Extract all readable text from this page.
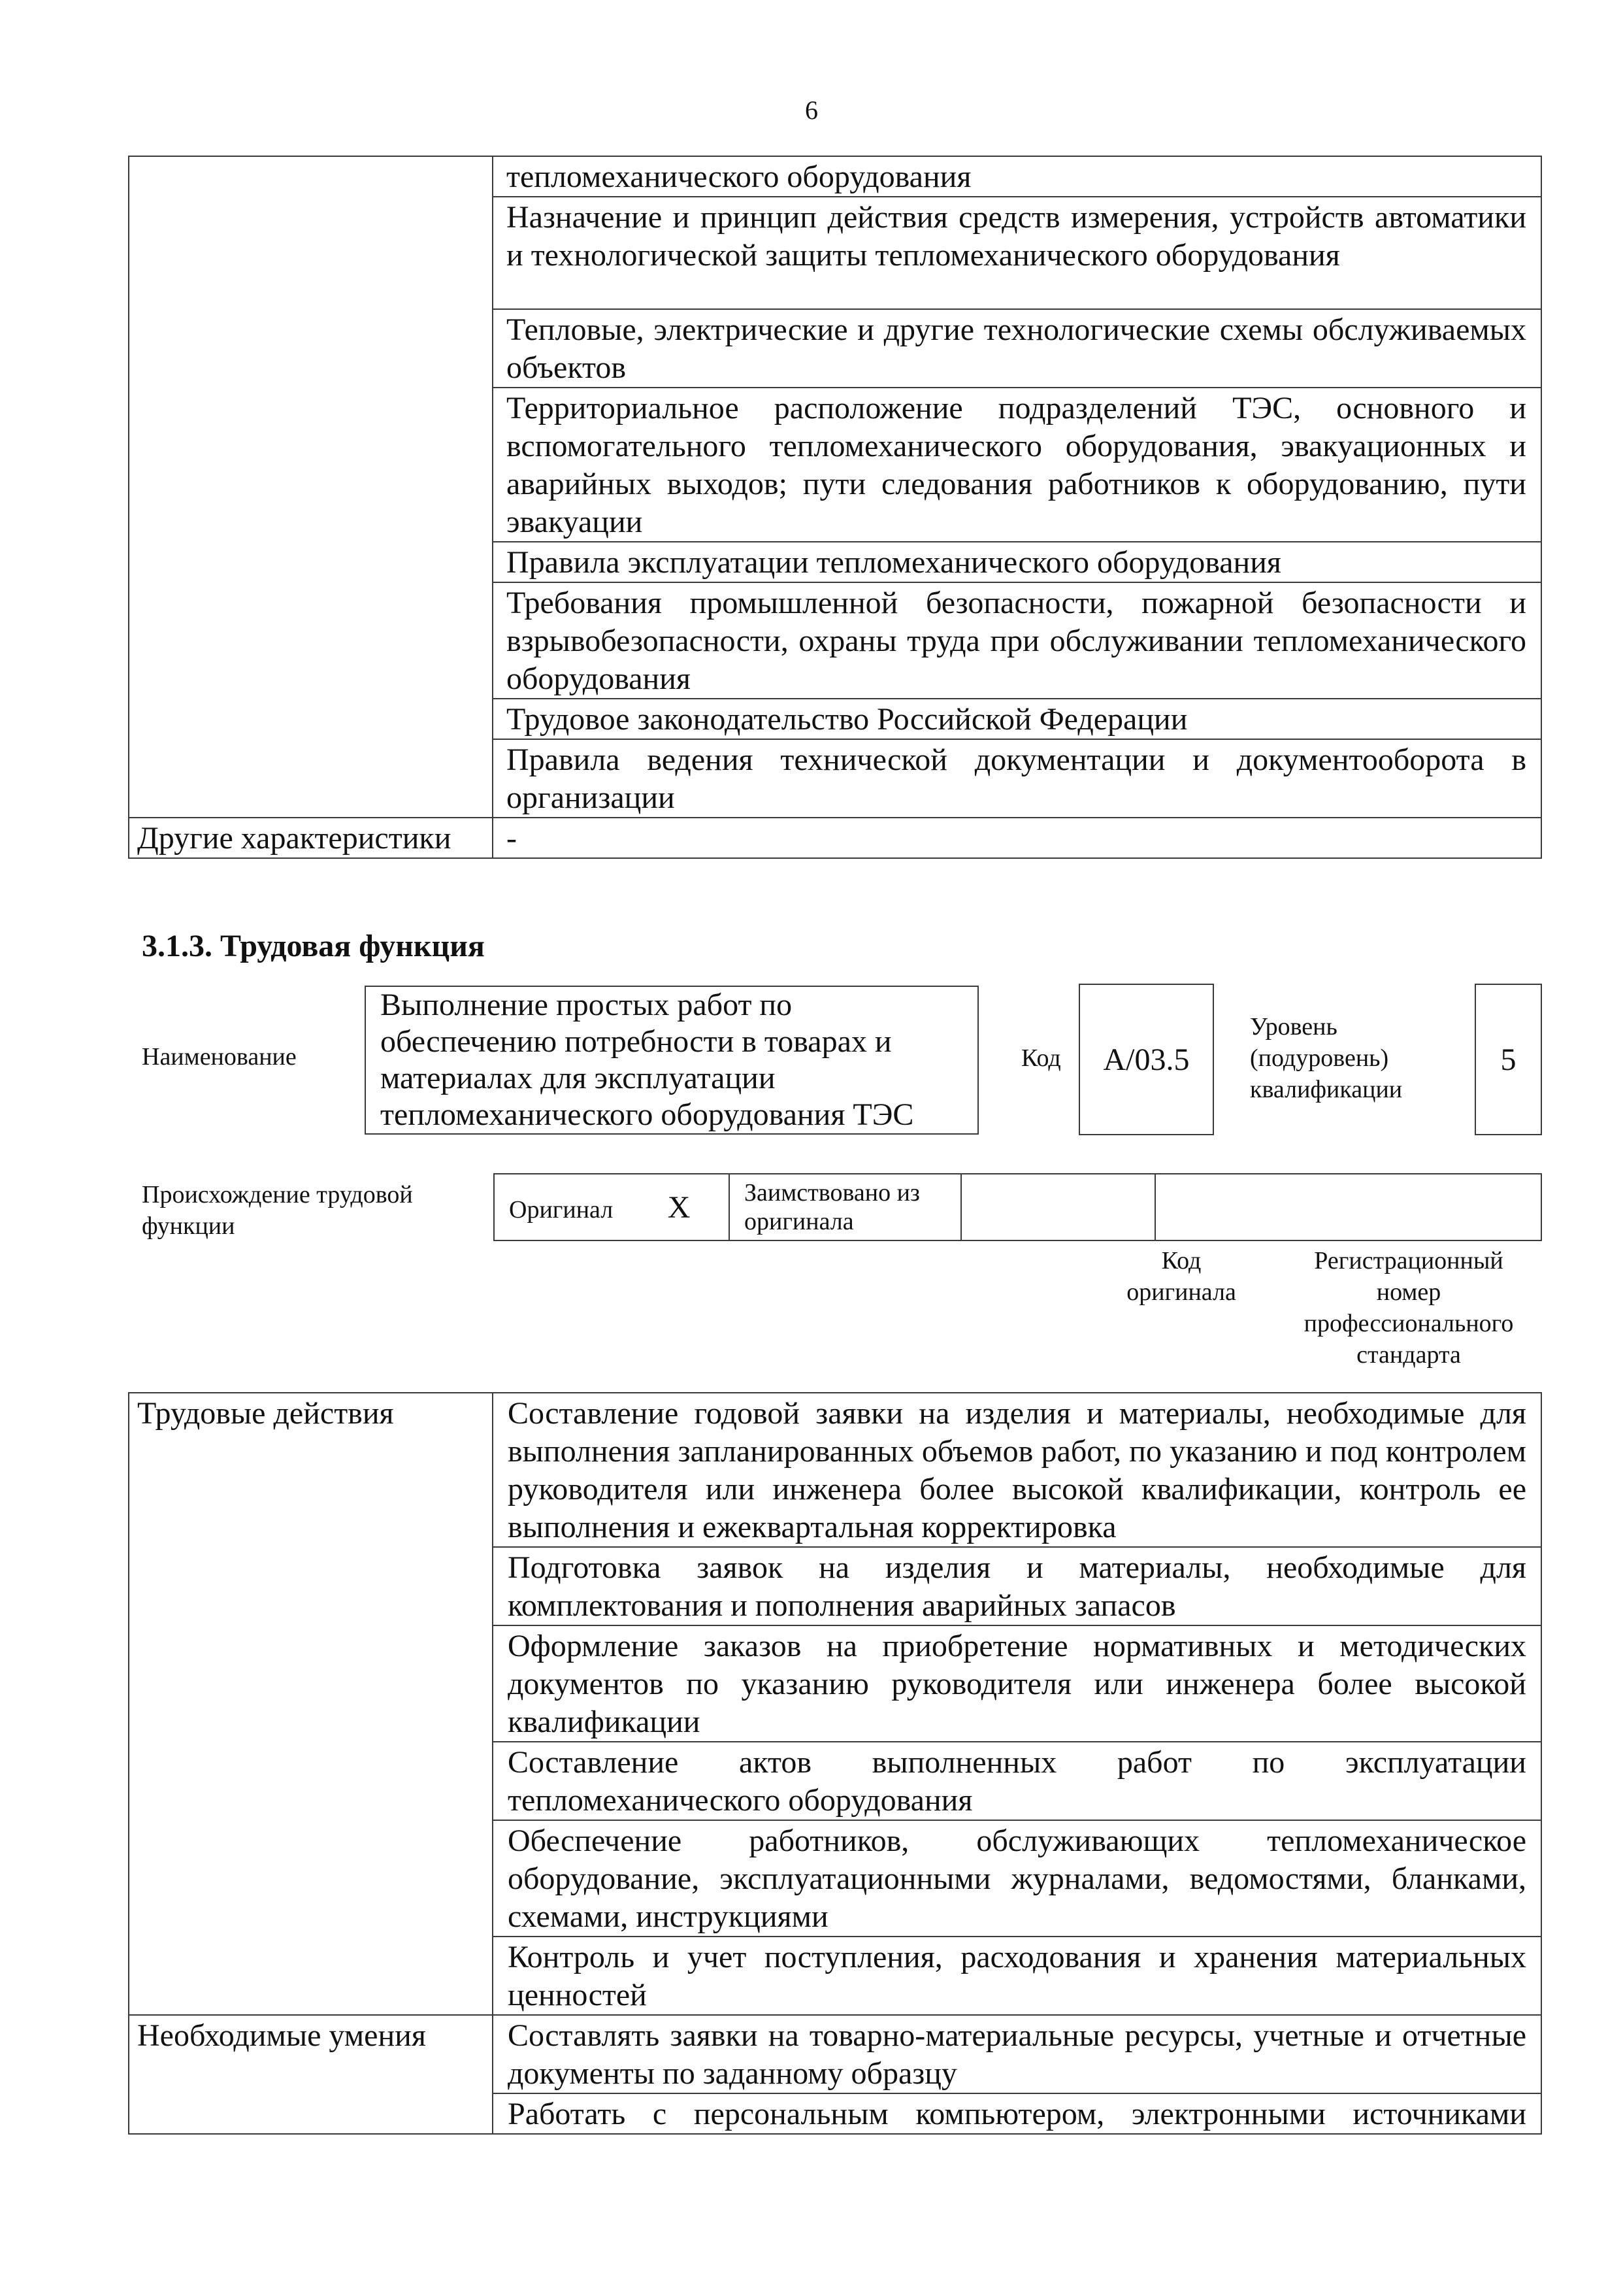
6
	тепломеханического оборудования
	Назначение и принцип действия средств измерения, устройств автоматики и технологической защиты тепломеханического оборудования
	Тепловые, электрические и другие технологические схемы обслуживаемых объектов
	Территориальное расположение подразделений ТЭС, основного и вспомогательного тепломеханического оборудования, эвакуационных и аварийных выходов; пути следования работников к оборудованию, пути эвакуации
	Правила эксплуатации тепломеханического оборудования
	Требования промышленной безопасности, пожарной безопасности и взрывобезопасности, охраны труда при обслуживании тепломеханического оборудования
	Трудовое законодательство Российской Федерации
	Правила ведения технической документации и документооборота в организации
Другие характеристики	-
3.1.3. Трудовая функция
Наименование
Выполнение простых работ по
обеспечению потребности в товарах и
материалах для эксплуатации
тепломеханического оборудования ТЭС
Код А/03.5
Уровень
(подуровень)
квалификации
5
Происхождение трудовой
функции
Оригинал X	Заимствовано из оригинала		
Код
оригинала
Регистрационный
номер
профессионального
стандарта
Трудовые действия	Составление годовой заявки на изделия и материалы, необходимые для выполнения запланированных объемов работ, по указанию и под контролем руководителя или инженера более высокой квалификации, контроль ее выполнения и ежеквартальная корректировка
	Подготовка заявок на изделия и материалы, необходимые для комплектования и пополнения аварийных запасов
	Оформление заказов на приобретение нормативных и методических документов по указанию руководителя или инженера более высокой квалификации
	Составление актов выполненных работ по эксплуатации тепломеханического оборудования
	Обеспечение работников, обслуживающих тепломеханическое оборудование, эксплуатационными журналами, ведомостями, бланками, схемами, инструкциями
	Контроль и учет поступления, расходования и хранения материальных ценностей
Необходимые умения	Составлять заявки на товарно-материальные ресурсы, учетные и отчетные документы по заданному образцу
	Работать с персональным компьютером, электронными источниками
